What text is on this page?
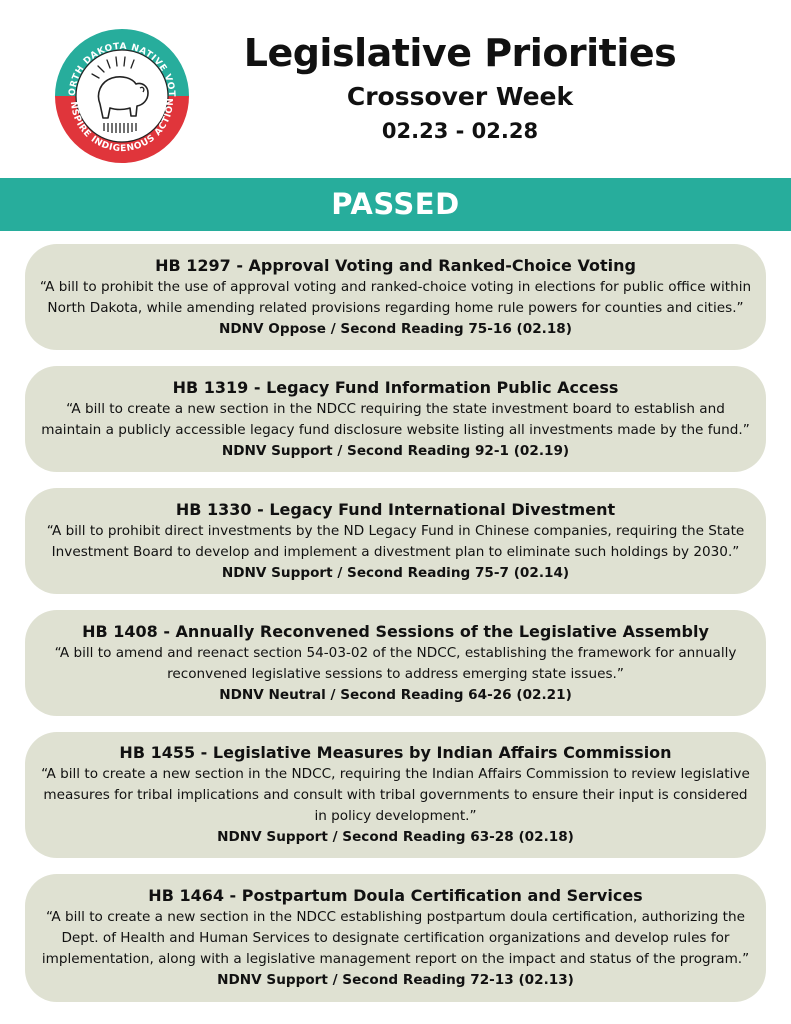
ORTH DAKOTA NATIVE VOT
NSPIRE INDIGENOUS ACTION
Legislative Priorities
Crossover Week
02.23 - 02.28
PASSED
HB 1297 - Approval Voting and Ranked-Choice Voting
“A bill to prohibit the use of approval voting and ranked-choice voting in elections for public office within North Dakota, while amending related provisions regarding home rule powers for counties and cities.”
NDNV Oppose / Second Reading 75-16 (02.18)
HB 1319 - Legacy Fund Information Public Access
“A bill to create a new section in the NDCC requiring the state investment board to establish and maintain a publicly accessible legacy fund disclosure website listing all investments made by the fund.”
NDNV Support / Second Reading 92-1 (02.19)
HB 1330 - Legacy Fund International Divestment
“A bill to prohibit direct investments by the ND Legacy Fund in Chinese companies, requiring the State Investment Board to develop and implement a divestment plan to eliminate such holdings by 2030.”
NDNV Support / Second Reading 75-7 (02.14)
HB 1408 - Annually Reconvened Sessions of the Legislative Assembly
“A bill to amend and reenact section 54-03-02 of the NDCC, establishing the framework for annually reconvened legislative sessions to address emerging state issues.”
NDNV Neutral / Second Reading 64-26 (02.21)
HB 1455 - Legislative Measures by Indian Affairs Commission
“A bill to create a new section in the NDCC, requiring the Indian Affairs Commission to review legislative measures for tribal implications and consult with tribal governments to ensure their input is considered in policy development.”
NDNV Support / Second Reading 63-28 (02.18)
HB 1464 - Postpartum Doula Certification and Services
“A bill to create a new section in the NDCC establishing postpartum doula certification, authorizing the Dept. of Health and Human Services to designate certification organizations and develop rules for implementation, along with a legislative management report on the impact and status of the program.”
NDNV Support / Second Reading 72-13 (02.13)
